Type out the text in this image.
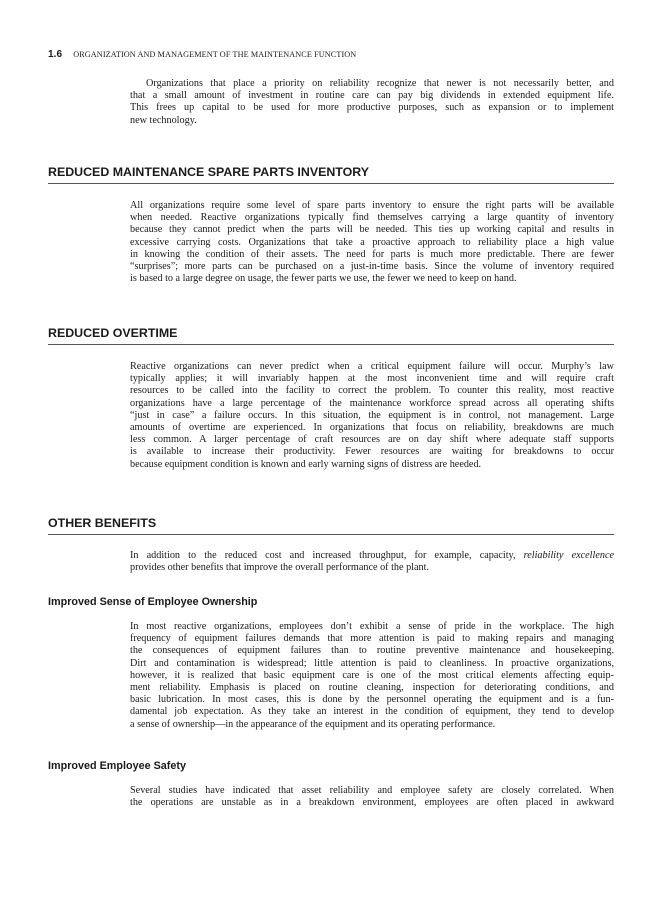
1.6 ORGANIZATION AND MANAGEMENT OF THE MAINTENANCE FUNCTION
Organizations that place a priority on reliability recognize that newer is not necessarily better, and
that a small amount of investment in routine care can pay big dividends in extended equipment life.
This frees up capital to be used for more productive purposes, such as expansion or to implement
new technology.
REDUCED MAINTENANCE SPARE PARTS INVENTORY
All organizations require some level of spare parts inventory to ensure the right parts will be available
when needed. Reactive organizations typically find themselves carrying a large quantity of inventory
because they cannot predict when the parts will be needed. This ties up working capital and results in
excessive carrying costs. Organizations that take a proactive approach to reliability place a high value
in knowing the condition of their assets. The need for parts is much more predictable. There are fewer
“surprises”; more parts can be purchased on a just-in-time basis. Since the volume of inventory required
is based to a large degree on usage, the fewer parts we use, the fewer we need to keep on hand.
REDUCED OVERTIME
Reactive organizations can never predict when a critical equipment failure will occur. Murphy’s law
typically applies; it will invariably happen at the most inconvenient time and will require craft
resources to be called into the facility to correct the problem. To counter this reality, most reactive
organizations have a large percentage of the maintenance workforce spread across all operating shifts
“just in case” a failure occurs. In this situation, the equipment is in control, not management. Large
amounts of overtime are experienced. In organizations that focus on reliability, breakdowns are much
less common. A larger percentage of craft resources are on day shift where adequate staff supports
is available to increase their productivity. Fewer resources are waiting for breakdowns to occur
because equipment condition is known and early warning signs of distress are heeded.
OTHER BENEFITS
In addition to the reduced cost and increased throughput, for example, capacity, reliability excellence
provides other benefits that improve the overall performance of the plant.
Improved Sense of Employee Ownership
In most reactive organizations, employees don’t exhibit a sense of pride in the workplace. The high
frequency of equipment failures demands that more attention is paid to making repairs and managing
the consequences of equipment failures than to routine preventive maintenance and housekeeping.
Dirt and contamination is widespread; little attention is paid to cleanliness. In proactive organizations,
however, it is realized that basic equipment care is one of the most critical elements affecting equip-
ment reliability. Emphasis is placed on routine cleaning, inspection for deteriorating conditions, and
basic lubrication. In most cases, this is done by the personnel operating the equipment and is a fun-
damental job expectation. As they take an interest in the condition of equipment, they tend to develop
a sense of ownership—in the appearance of the equipment and its operating performance.
Improved Employee Safety
Several studies have indicated that asset reliability and employee safety are closely correlated. When
the operations are unstable as in a breakdown environment, employees are often placed in awkward
